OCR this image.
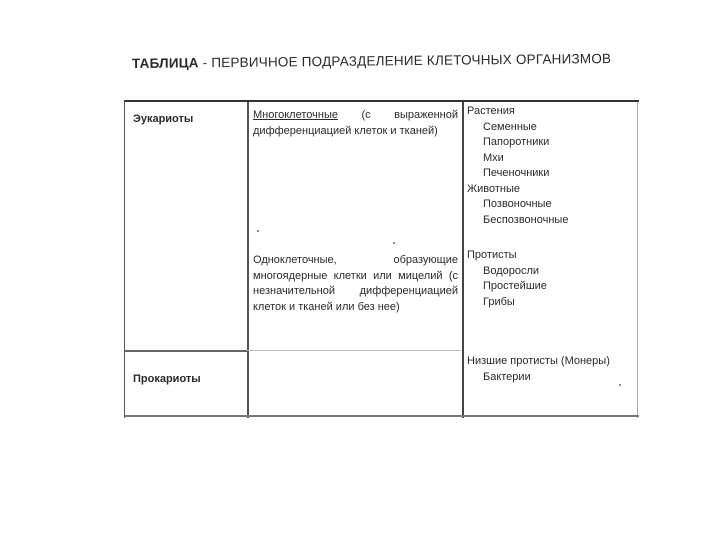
ТАБЛИЦА - ПЕРВИЧНОЕ ПОДРАЗДЕЛЕНИЕ КЛЕТОЧНЫХ ОРГАНИЗМОВ
Эукариоты
Прокариоты
Многоклеточные (с выраженной дифференциацией клеток и тканей)
Одноклеточные, образующие многоядерные клетки или мицелий (с незначительной дифференциацией клеток и тканей или без нее)
Растения
Семенные
Папоротники
Мхи
Печеночники
Животные
Позвоночные
Беспозвоночные
Протисты
Водоросли
Простейшие
Грибы
Низшие протисты (Монеры)
Бактерии
